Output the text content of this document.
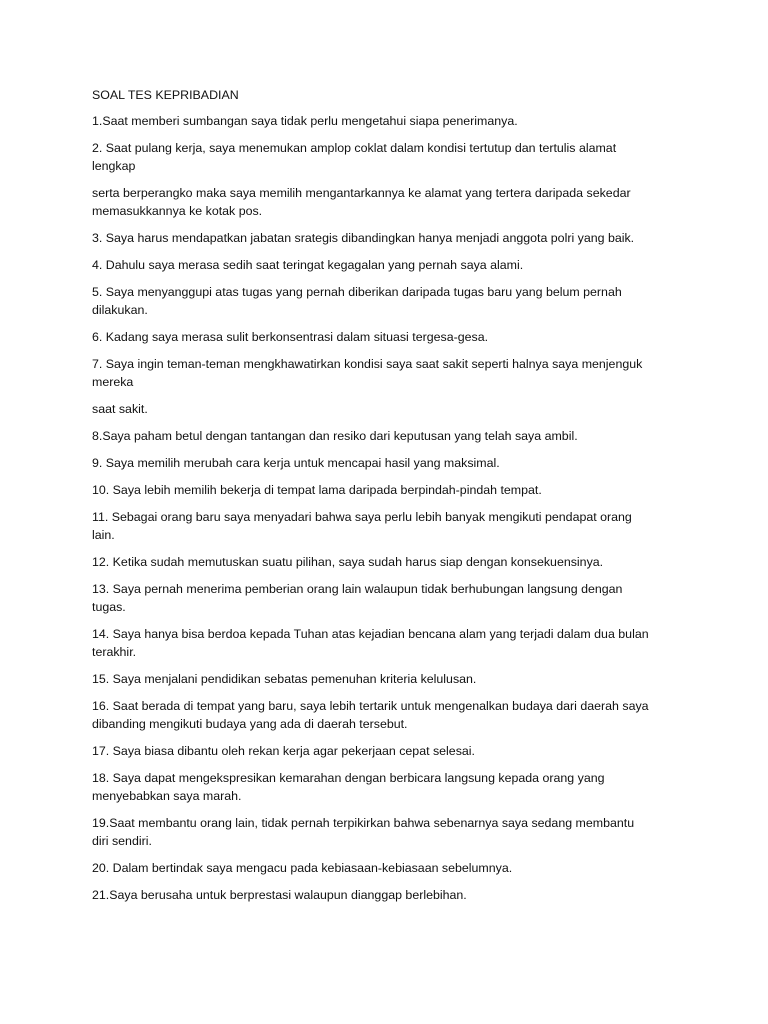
SOAL TES KEPRIBADIAN
1.Saat memberi sumbangan saya tidak perlu mengetahui siapa penerimanya.
2. Saat pulang kerja, saya menemukan amplop coklat dalam kondisi tertutup dan tertulis alamat
lengkap
serta berperangko maka saya memilih mengantarkannya ke alamat yang tertera daripada sekedar
memasukkannya ke kotak pos.
3. Saya harus mendapatkan jabatan srategis dibandingkan hanya menjadi anggota polri yang baik.
4. Dahulu saya merasa sedih saat teringat kegagalan yang pernah saya alami.
5. Saya menyanggupi atas tugas yang pernah diberikan daripada tugas baru yang belum pernah
dilakukan.
6. Kadang saya merasa sulit berkonsentrasi dalam situasi tergesa-gesa.
7. Saya ingin teman-teman mengkhawatirkan kondisi saya saat sakit seperti halnya saya menjenguk
mereka
saat sakit.
8.Saya paham betul dengan tantangan dan resiko dari keputusan yang telah saya ambil.
9. Saya memilih merubah cara kerja untuk mencapai hasil yang maksimal.
10. Saya lebih memilih bekerja di tempat lama daripada berpindah-pindah tempat.
11. Sebagai orang baru saya menyadari bahwa saya perlu lebih banyak mengikuti pendapat orang
lain.
12. Ketika sudah memutuskan suatu pilihan, saya sudah harus siap dengan konsekuensinya.
13. Saya pernah menerima pemberian orang lain walaupun tidak berhubungan langsung dengan
tugas.
14. Saya hanya bisa berdoa kepada Tuhan atas kejadian bencana alam yang terjadi dalam dua bulan
terakhir.
15. Saya menjalani pendidikan sebatas pemenuhan kriteria kelulusan.
16. Saat berada di tempat yang baru, saya lebih tertarik untuk mengenalkan budaya dari daerah saya
dibanding mengikuti budaya yang ada di daerah tersebut.
17. Saya biasa dibantu oleh rekan kerja agar pekerjaan cepat selesai.
18. Saya dapat mengekspresikan kemarahan dengan berbicara langsung kepada orang yang
menyebabkan saya marah.
19.Saat membantu orang lain, tidak pernah terpikirkan bahwa sebenarnya saya sedang membantu
diri sendiri.
20. Dalam bertindak saya mengacu pada kebiasaan-kebiasaan sebelumnya.
21.Saya berusaha untuk berprestasi walaupun dianggap berlebihan.
